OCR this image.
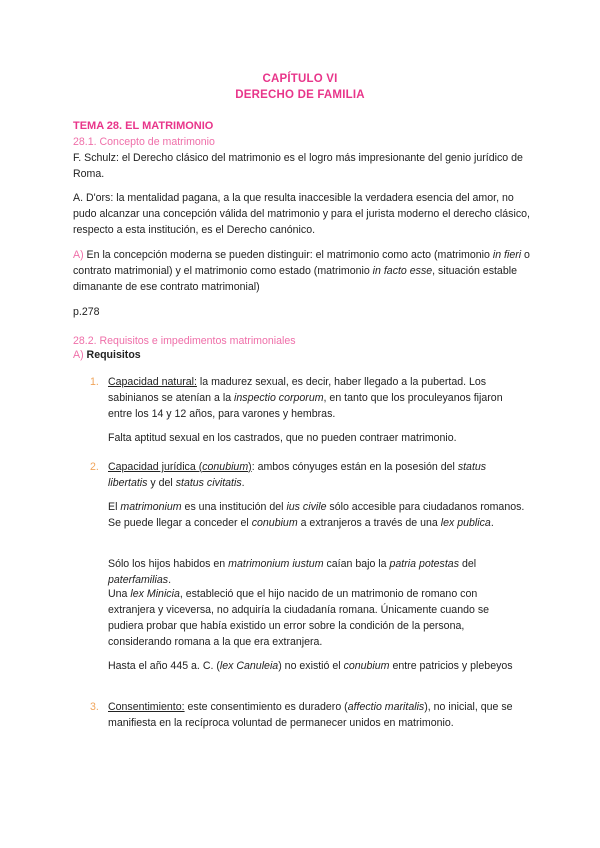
CAPÍTULO VI
DERECHO DE FAMILIA
TEMA 28. EL MATRIMONIO
28.1. Concepto de matrimonio
F. Schulz: el Derecho clásico del matrimonio es el logro más impresionante del genio jurídico de Roma.
A. D'ors: la mentalidad pagana, a la que resulta inaccesible la verdadera esencia del amor, no pudo alcanzar una concepción válida del matrimonio y para el jurista moderno el derecho clásico, respecto a esta institución, es el Derecho canónico.
A) En la concepción moderna se pueden distinguir: el matrimonio como acto (matrimonio in fieri o contrato matrimonial) y el matrimonio como estado (matrimonio in facto esse, situación estable dimanante de ese contrato matrimonial)
p.278
28.2. Requisitos e impedimentos matrimoniales
A) Requisitos
1. Capacidad natural: la madurez sexual, es decir, haber llegado a la pubertad. Los sabinianos se atenían a la inspectio corporum, en tanto que los proculeyanos fijaron entre los 14 y 12 años, para varones y hembras.
Falta aptitud sexual en los castrados, que no pueden contraer matrimonio.
2. Capacidad jurídica (conubium): ambos cónyuges están en la posesión del status libertatis y del status civitatis.
El matrimonium es una institución del ius civile sólo accesible para ciudadanos romanos. Se puede llegar a conceder el conubium a extranjeros a través de una lex publica.
Sólo los hijos habidos en matrimonium iustum caían bajo la patria potestas del paterfamilias.
Una lex Minicia, estableció que el hijo nacido de un matrimonio de romano con extranjera y viceversa, no adquiría la ciudadanía romana. Únicamente cuando se pudiera probar que había existido un error sobre la condición de la persona, considerando romana a la que era extranjera.
Hasta el año 445 a. C. (lex Canuleia) no existió el conubium entre patricios y plebeyos
3. Consentimiento: este consentimiento es duradero (affectio maritalis), no inicial, que se manifiesta en la recíproca voluntad de permanecer unidos en matrimonio.
